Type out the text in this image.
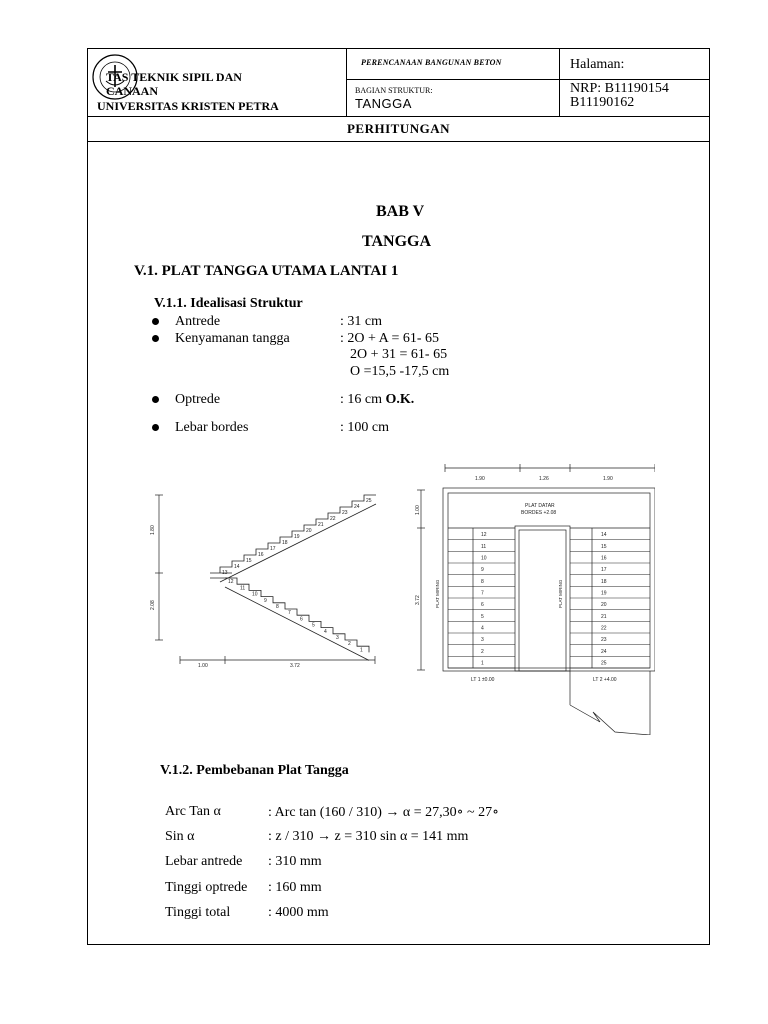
TAS TEKNIK SIPIL DAN
CANAAN
UNIVERSITAS KRISTEN PETRA
PERENCANAAN BANGUNAN BETON
BAGIAN STRUKTUR:
TANGGA
Halaman:
NRP: B11190154
B11190162
PERHITUNGAN
BAB V
TANGGA
V.1. PLAT TANGGA UTAMA LANTAI 1
V.1.1. Idealisasi Struktur
Antrede	: 31 cm
Kenyamanan tangga	: 2O + A = 61- 65
2O + 31 = 61- 65
O =15,5 -17,5 cm
Optrede	: 16 cm O.K.
Lebar bordes	: 100 cm
13
14
15
16
17
18
19
20
21
22
23
24
25
12
11
10
9
8
7
6
5
4
3
2
1
1.80
2.08
1.00	3.72
12	14
11	15
10	16
9	17
8	18
7	19
6	20
5	21
4	22
3	23
2	24
1	25
1.90	1.26	1.90
1.00
3.72
PLAT DATAR
BORDES +2.08
PLAT MIRING	PLAT MIRING
LT 1 ±0.00	LT 2 +4.00
V.1.2. Pembebanan Plat Tangga
Arc Tan α	: Arc tan (160 / 310) → α = 27,30∘ ~ 27∘
Sin α	: z / 310 → z = 310 sin α = 141 mm
Lebar antrede : 310 mm
Tinggi optrede : 160 mm
Tinggi total	: 4000 mm
